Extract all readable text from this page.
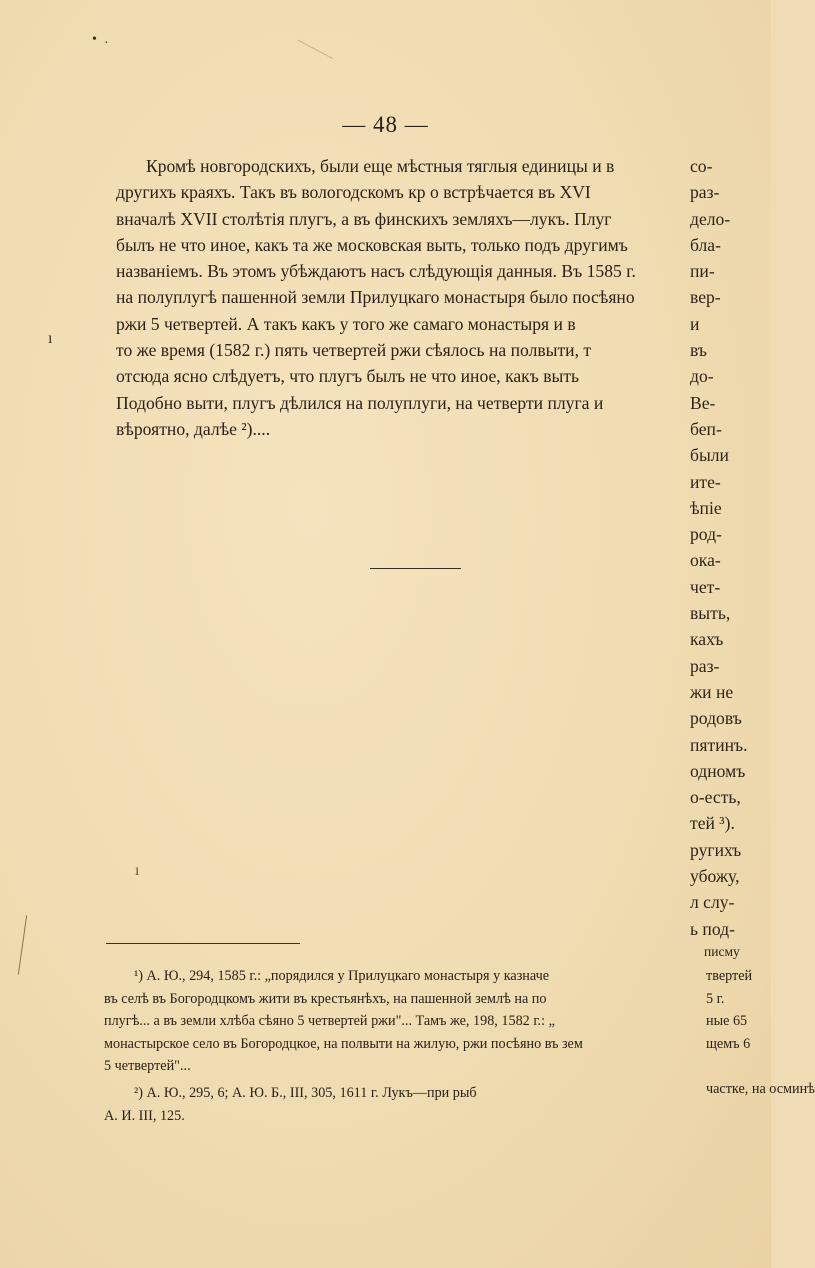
• ·
ı
ı
— 48 —
Кромѣ новгородскихъ, были еще мѣстныя тяглыя единицы и в
другихъ краяхъ. Такъ въ вологодскомъ кр о встрѣчается въ XVI
вначалѣ XVII столѣтія плугъ, а въ финскихъ земляхъ—лукъ. Плуг
былъ не что иное, какъ та же московская выть, только подъ другимъ
названіемъ. Въ этомъ убѣждаютъ насъ слѣдующія данныя. Въ 1585 г.
на полуплугѣ пашенной земли Прилуцкаго монастыря было посѣяно
ржи 5 четвертей. А такъ какъ у того же самаго монастыря и в
то же время (1582 г.) пять четвертей ржи сѣялось на полвыти, т
отсюда ясно слѣдуетъ, что плугъ былъ не что иное, какъ выть
Подобно выти, плугъ дѣлился на полуплуги, на четверти плуга и
вѣроятно, далѣе ²)....
со-
раз-
дело-
бла-
пи-
вер-
и
въ
до-
Ве-
беп-
были
ите-
ѣпіе
род-
ока-
чет-
выть,
кахъ
раз-
жи не
родовъ
пятинъ.
одномъ
о-есть,
тей ³).
ругихъ
убожу,
л слу-
ь под-
писму
¹) А. Ю., 294, 1585 г.: „порядился у Прилуцкаго монастыря у казначе
въ селѣ въ Богородцкомъ жити въ крестьянѣхъ, на пашенной землѣ на по
плугѣ... а въ земли хлѣба сѣяно 5 четвертей ржи"... Тамъ же, 198, 1582 г.: „
монастырское село въ Богородцкое, на полвыти на жилую, ржи посѣяно въ зем
5 четвертей"...
²) А. Ю., 295, 6; А. Ю. Б., III, 305, 1611 г. Лукъ—при рыб
А. И. III, 125.
твертей
5 г.
ные 65
щемъ 6
частке, на осминѣ
